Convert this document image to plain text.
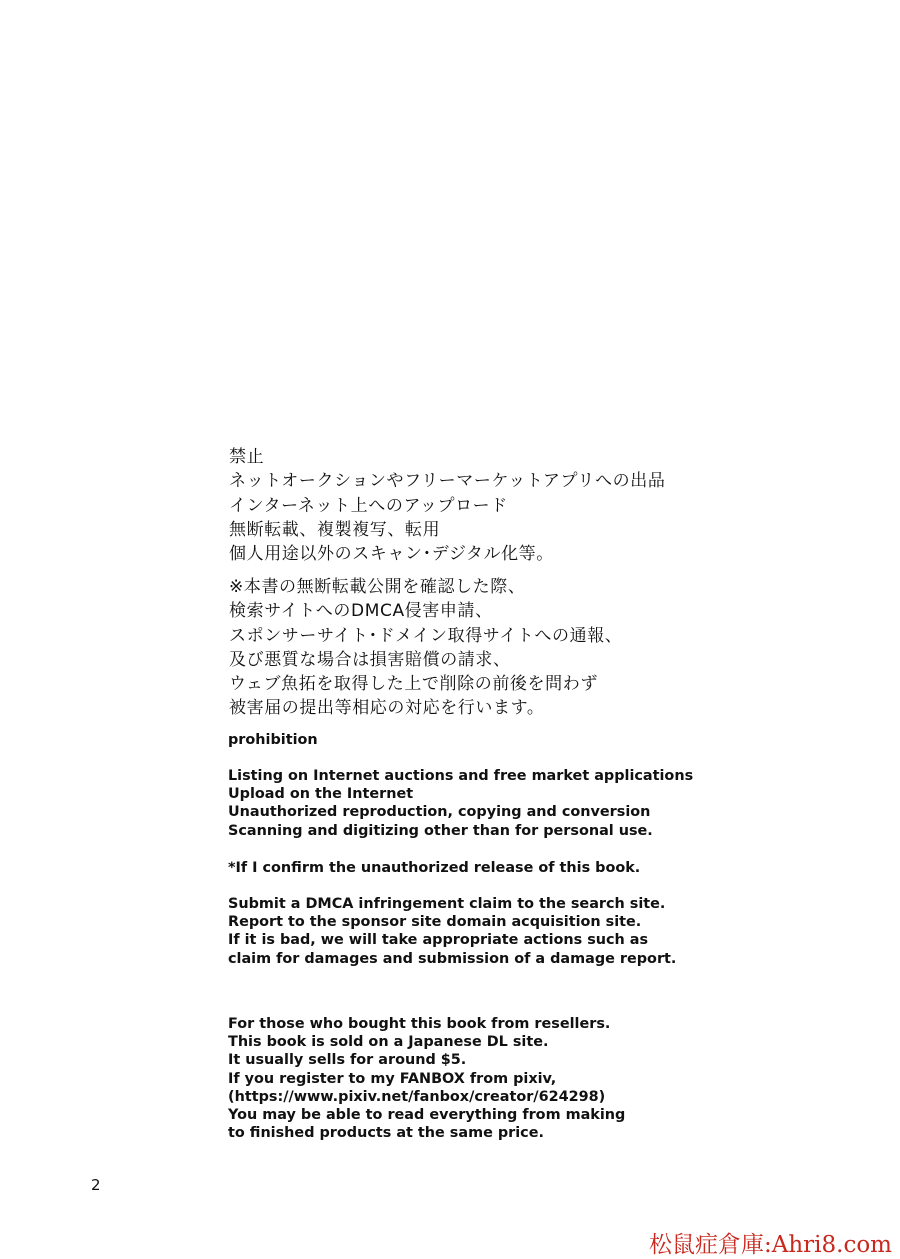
禁止
ネットオークションやフリーマーケットアプリへの出品
インターネット上へのアップロード
無断転載、複製複写、転用
個人用途以外のスキャン･デジタル化等。
※本書の無断転載公開を確認した際、
検索サイトへのDMCA侵害申請、
スポンサーサイト･ドメイン取得サイトへの通報、
及び悪質な場合は損害賠償の請求、
ウェブ魚拓を取得した上で削除の前後を問わず
被害届の提出等相応の対応を行います。
prohibition
Listing on Internet auctions and free market applications
Upload on the Internet
Unauthorized reproduction, copying and conversion
Scanning and digitizing other than for personal use.
*If I confirm the unauthorized release of this book.
Submit a DMCA infringement claim to the search site.
Report to the sponsor site domain acquisition site.
If it is bad, we will take appropriate actions such as
claim for damages and submission of a damage report.
For those who bought this book from resellers.
This book is sold on a Japanese DL site.
It usually sells for around $5.
If you register to my FANBOX from pixiv,
(https://www.pixiv.net/fanbox/creator/624298)
You may be able to read everything from making
to finished products at the same price.
2
松鼠症倉庫:Ahri8.com
